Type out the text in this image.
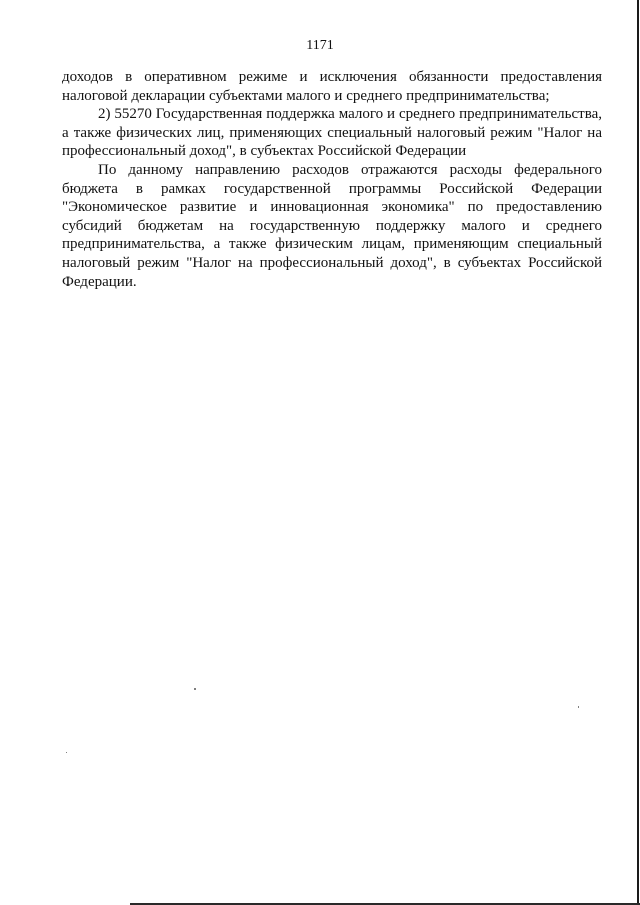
1171

доходов в оперативном режиме и исключения обязанности предоставления налоговой декларации субъектами малого и среднего предпринимательства;

2) 55270 Государственная поддержка малого и среднего предпринимательства, а также физических лиц, применяющих специальный налоговый режим "Налог на профессиональный доход", в субъектах Российской Федерации

По данному направлению расходов отражаются расходы федерального бюджета в рамках государственной программы Российской Федерации "Экономическое развитие и инновационная экономика" по предоставлению субсидий бюджетам на государственную поддержку малого и среднего предпринимательства, а также физическим лицам, применяющим специальный налоговый режим "Налог на профессиональный доход", в субъектах Российской Федерации.
